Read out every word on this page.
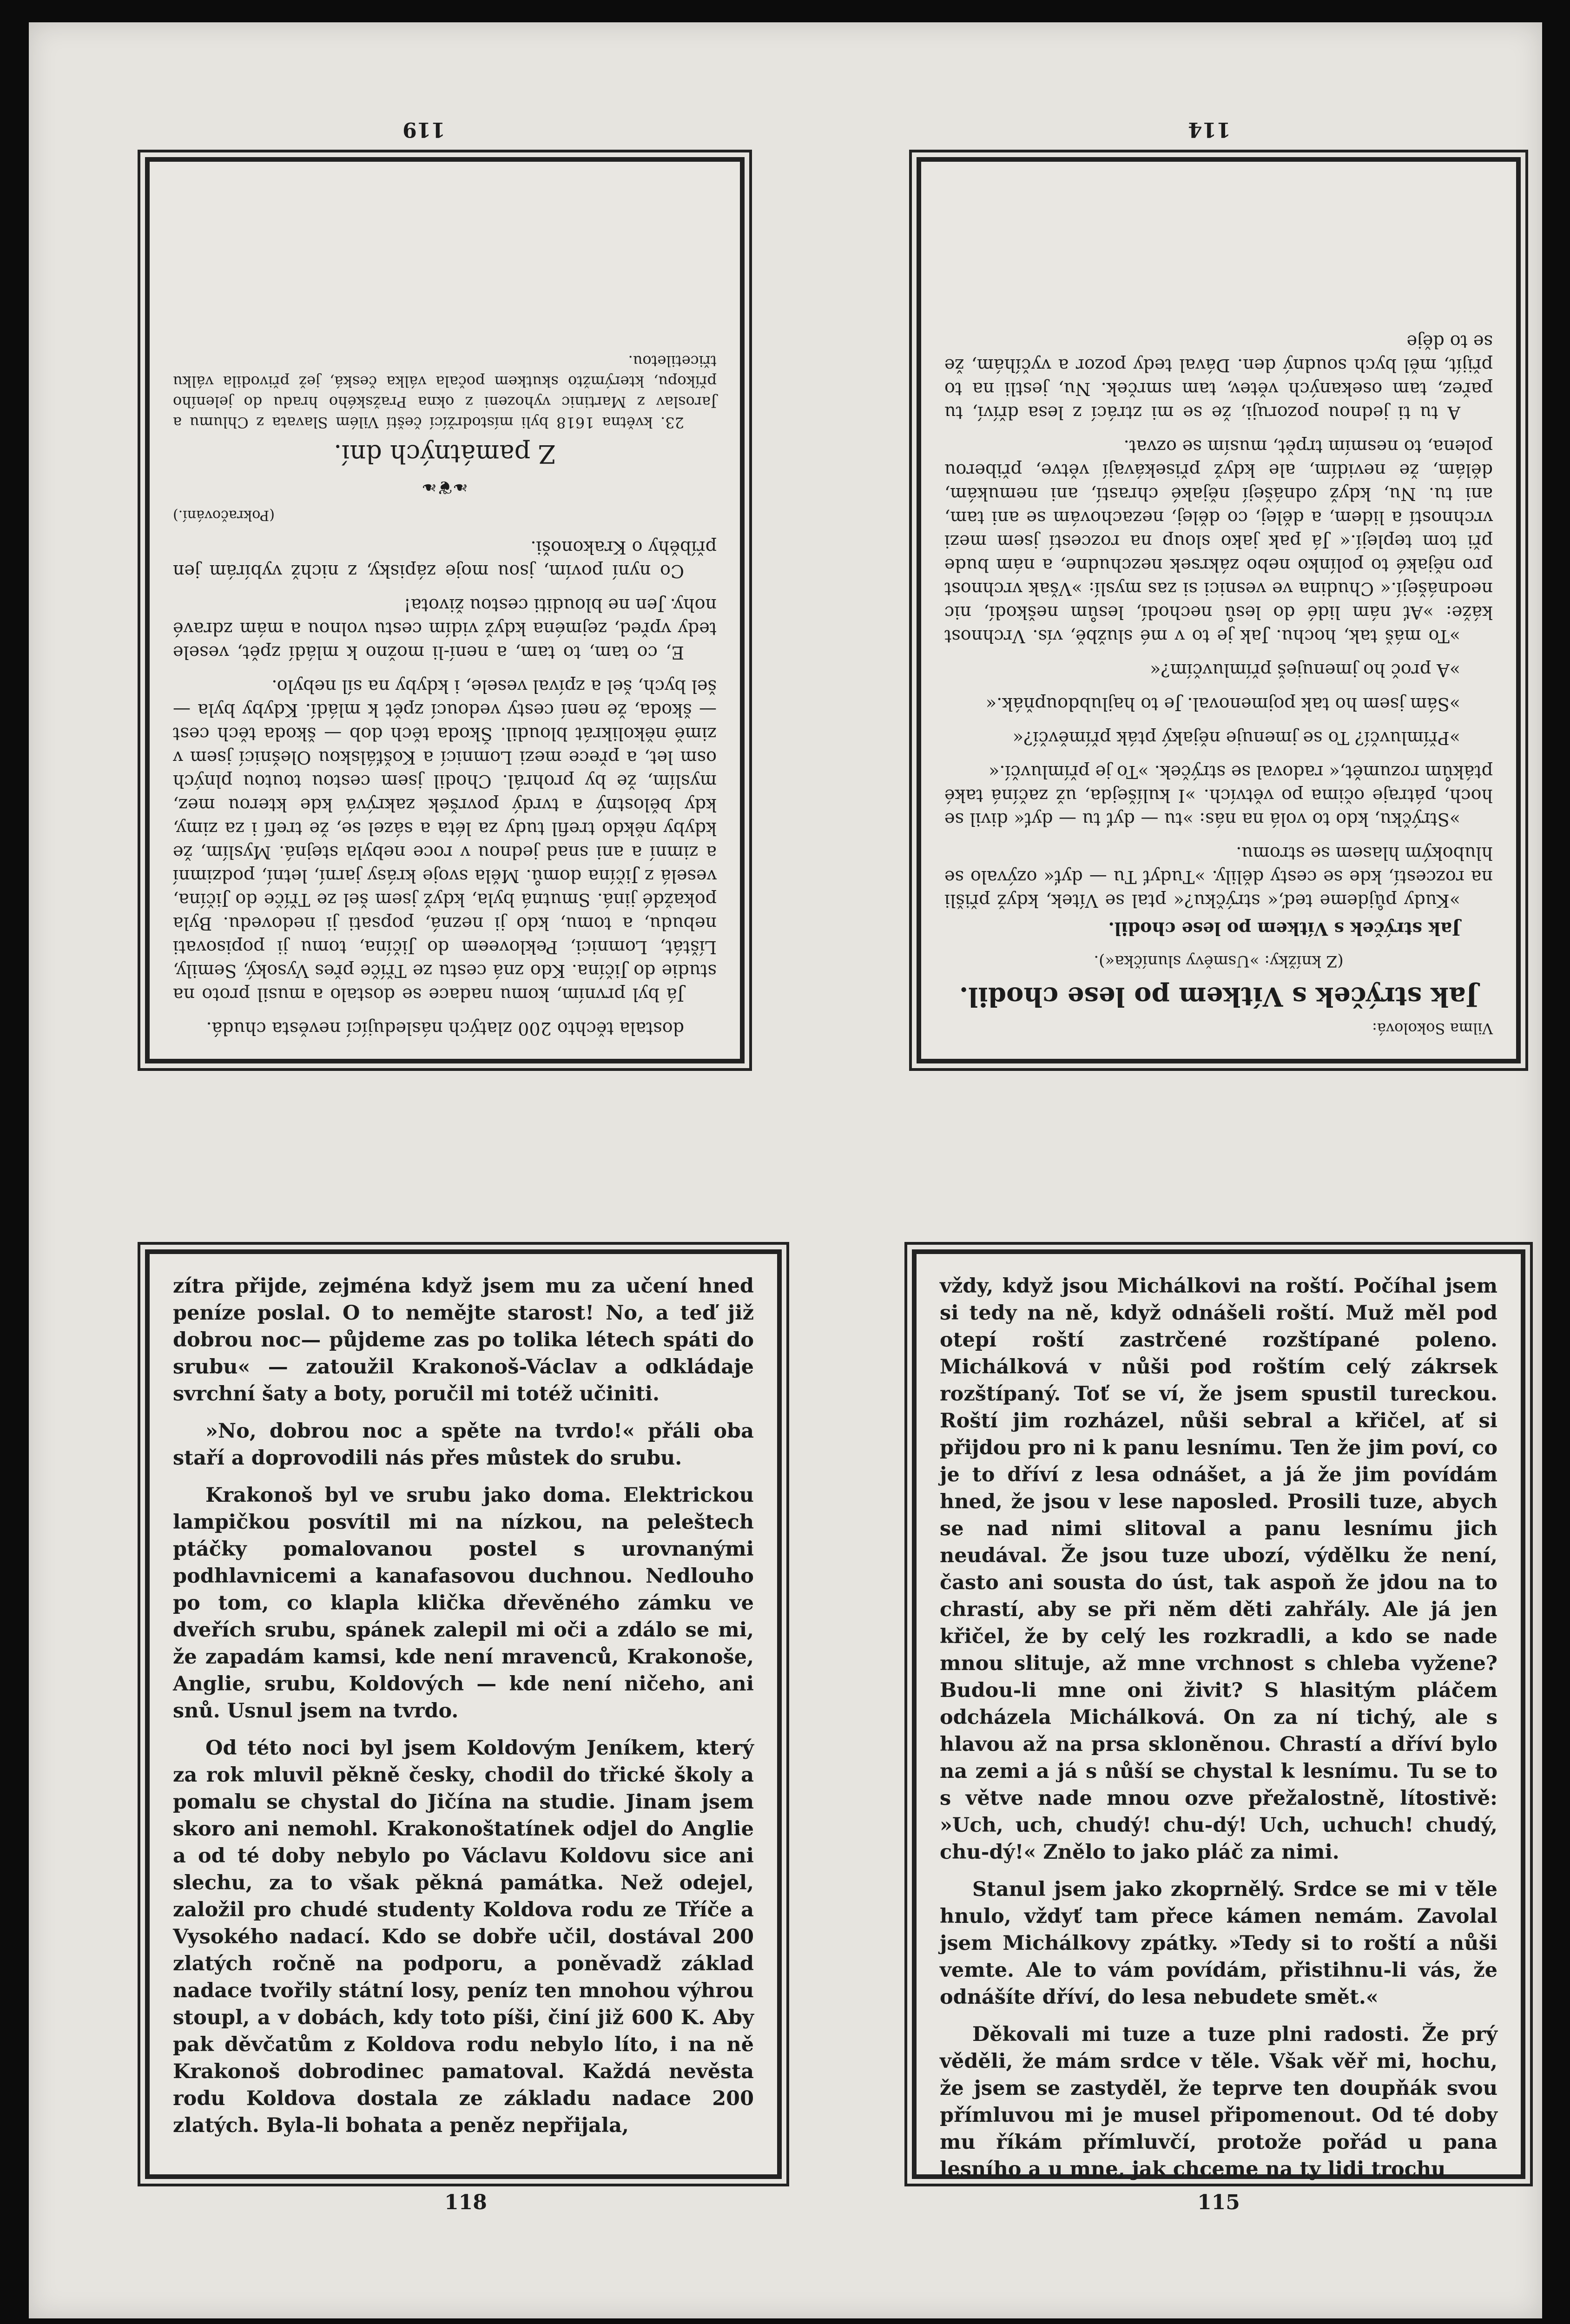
dostala těchto 200 zlatých následující nevěsta chudá.

Já byl prvním, komu nadace se dostalo a musil proto na studie do Jičína. Kdo zná cestu ze Tříče přes Vysoký, Semily, Líštát, Lomnici, Pekloveem do Jičína, tomu ji popisovati nebudu, a tomu, kdo ji nezná, popsati ji nedovedu. Byla pokaždé jiná. Smutná byla, když jsem šel ze Tříče do Jičína, veselá z Jičína domů. Měla svoje krásy jarní, letní, podzimní a zimní a ani snad jednou v roce nebyla stejná. Myslím, že kdyby někdo trefil tudy za léta a sázel se, že trefí i za zimy, kdy bělostný a tvrdý površek zakrývá kde kterou mez, myslím, že by prohrál. Chodil jsem cestou toutou plných osm let, a přece mezi Lomnicí a Košťálskou Olešnicí jsem v zimě několikrát bloudil. Škoda těch dob — škoda těch cest — škoda, že není cesty vedoucí zpět k mládí. Kdyby byla — šel bych, šel a zpíval vesele, i kdyby na síl nebylo.

E, co tam, to tam, a není-li možno k mládí zpět, vesele tedy vpřed, zejména když vidím cestu volnou a mám zdravé nohy. Jen ne blouditi cestou života!

Co nyní povím, jsou moje zápisky, z nichž vybírám jen příběhy o Krakonoši.

(Pokračování.)
❧❦❧
Z památných dní.

23. května 1618 byli místodržící čeští Vilém Slavata z Chlumu a Jaroslav z Martinic vyhozeni z okna Pražského hradu do jeleního příkopu, kterýmžto skutkem počala válka česká, jež přivodila válku třicetiletou.

119
Vilma Sokolová:
Jak strýček s Vítkem po lese chodil.
(Z knížky: »Usměvy sluníčka«).
Jak strýček s Vítkem po lese chodil.

»Kudy půjdeme teď,« strýčku?« ptal se Vítek, když přišli na rozcestí, kde se cesty dělily. »Tudyť Tu — dyť« ozývalo se hlubokým hlasem se stromu.

»Strýčku, kdo to volá na nás: »tu — dyť tu — dyť« divil se hoch, pátraje očima po větvích. »I kulíšejda, už začíná také ptákům rozumět,« radoval se strýček. »To je přímluvčí.«

»Přímluvčí? To se jmenuje nějaký pták příměvčí?«

»Sám jsem ho tak pojmenoval. Je to hajlubdoupňák.«

»A proč ho jmenuješ přímluvčím?«

»To máš tak, hochu. Jak je to v mé službě, vís. Vrchnost káže: »Ať nám lidé do lesů nechodí, lesům neškodí, nic neodnášejí.« Chudina ve vesnici si zas myslí: »Však vrchnost pro nějaké to polínko nebo zákrsek nezchudne, a nám bude při tom teplejí.« Já pak jako sloup na rozcestí jsem mezi vrchností a lidem, a dělej, co dělej, nezachovám se ani tam, ani tu. Nu, když odnášejí nějaké chrastí, ani nemukám, dělám, že nevidím, ale když přisekávají větve, přiberou polena, to nesmím trpět, musím se ozvat.

A tu ti jednou pozoruji, že se mi ztrácí z lesa dříví, tu pařez, tam osekaných větev, tam smrček. Nu, jestli na to přijít, měl bych soudný den. Dával tedy pozor a vyčíhám, že se to děje

114

zítra přijde, zejména když jsem mu za učení hned peníze poslal. O to nemějte starost! No, a teď již dobrou noc— půjdeme zas po tolika létech spáti do srubu« — zatoužil Krakonoš-Václav a odkládaje svrchní šaty a boty, poručil mi totéž učiniti.

»No, dobrou noc a spěte na tvrdo!« přáli oba staří a doprovodili nás přes můstek do srubu.

Krakonoš byl ve srubu jako doma. Elektrickou lampičkou posvítil mi na nízkou, na peleštech ptáčky pomalovanou postel s urovnanými podhlavnicemi a kanafasovou duchnou. Nedlouho po tom, co klapla klička dřevěného zámku ve dveřích srubu, spánek zalepil mi oči a zdálo se mi, že zapadám kamsi, kde není mravenců, Krakonoše, Anglie, srubu, Koldových — kde není ničeho, ani snů. Usnul jsem na tvrdo.

Od této noci byl jsem Koldovým Jeníkem, který za rok mluvil pěkně česky, chodil do třické školy a pomalu se chystal do Jičína na studie. Jinam jsem skoro ani nemohl. Krakonoštatínek odjel do Anglie a od té doby nebylo po Václavu Koldovu sice ani slechu, za to však pěkná památka. Než odejel, založil pro chudé studenty Koldova rodu ze Tříče a Vysokého nadací. Kdo se dobře učil, dostával 200 zlatých ročně na podporu, a poněvadž základ nadace tvořily státní losy, peníz ten mnohou výhrou stoupl, a v dobách, kdy toto píši, činí již 600 K. Aby pak děvčatům z Koldova rodu nebylo líto, i na ně Krakonoš dobrodinec pamatoval. Každá nevěsta rodu Koldova dostala ze základu nadace 200 zlatých. Byla-li bohata a peněz nepřijala,

118

vždy, když jsou Michálkovi na roští. Počíhal jsem si tedy na ně, když odnášeli roští. Muž měl pod otepí roští zastrčené rozštípané poleno. Michálková v nůši pod roštím celý zákrsek rozštípaný. Toť se ví, že jsem spustil tureckou. Roští jim rozházel, nůši sebral a křičel, ať si přijdou pro ni k panu lesnímu. Ten že jim poví, co je to dříví z lesa odnášet, a já že jim povídám hned, že jsou v lese naposled. Prosili tuze, abych se nad nimi slitoval a panu lesnímu jich neudával. Že jsou tuze ubozí, výdělku že není, často ani sousta do úst, tak aspoň že jdou na to chrastí, aby se při něm děti zahřály. Ale já jen křičel, že by celý les rozkradli, a kdo se nade mnou slituje, až mne vrchnost s chleba vyžene? Budou-li mne oni živit? S hlasitým pláčem odcházela Michálková. On za ní tichý, ale s hlavou až na prsa skloněnou. Chrastí a dříví bylo na zemi a já s nůší se chystal k lesnímu. Tu se to s větve nade mnou ozve přežalostně, lítostivě: »Uch, uch, chudý! chu-dý! Uch, uchuch! chudý, chu-dý!« Znělo to jako pláč za nimi.

Stanul jsem jako zkoprnělý. Srdce se mi v těle hnulo, vždyť tam přece kámen nemám. Zavolal jsem Michálkovy zpátky. »Tedy si to roští a nůši vemte. Ale to vám povídám, přistihnu-li vás, že odnášíte dříví, do lesa nebudete smět.«

Děkovali mi tuze a tuze plni radosti. Že prý věděli, že mám srdce v těle. Však věř mi, hochu, že jsem se zastyděl, že teprve ten doupňák svou přímluvou mi je musel připomenout. Od té doby mu říkám přímluvčí, protože pořád u pana lesního a u mne, jak chceme na ty lidi trochu

115
